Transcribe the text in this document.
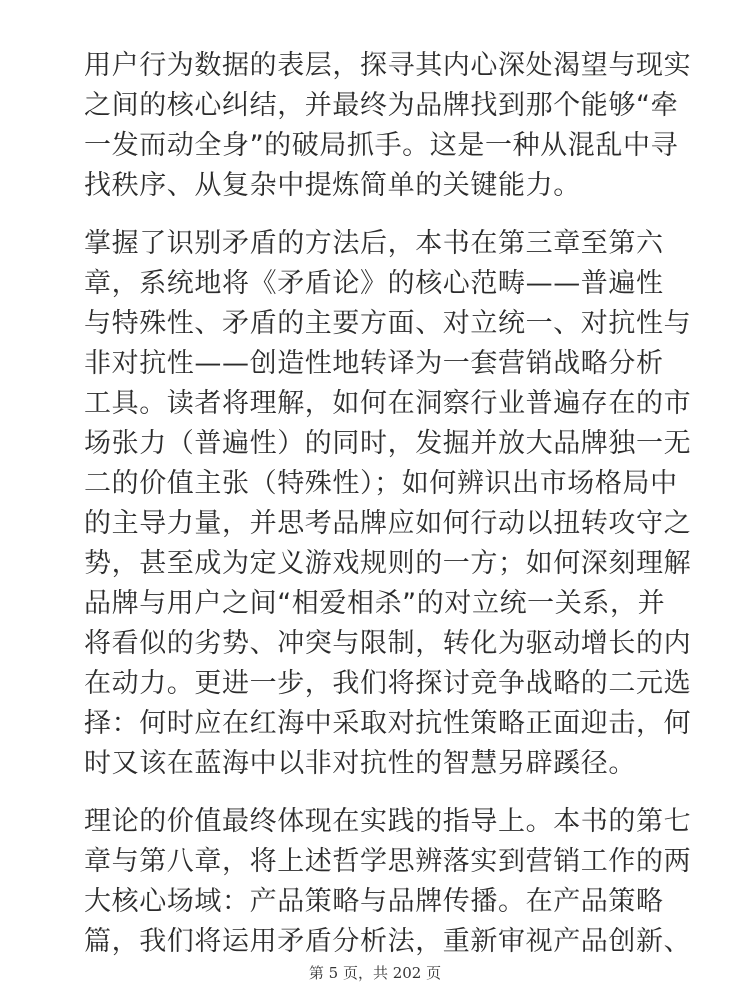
用户行为数据的表层，探寻其内心深处渴望与现实
之间的核心纠结，并最终为品牌找到那个能够“牵
一发而动全身”的破局抓手。这是一种从混乱中寻
找秩序、从复杂中提炼简单的关键能力。
掌握了识别矛盾的方法后，本书在第三章至第六
章，系统地将《矛盾论》的核心范畴——普遍性
与特殊性、矛盾的主要方面、对立统一、对抗性与
非对抗性——创造性地转译为一套营销战略分析
工具。读者将理解，如何在洞察行业普遍存在的市
场张力（普遍性）的同时，发掘并放大品牌独一无
二的价值主张（特殊性）；如何辨识出市场格局中
的主导力量，并思考品牌应如何行动以扭转攻守之
势，甚至成为定义游戏规则的一方；如何深刻理解
品牌与用户之间“相爱相杀”的对立统一关系，并
将看似的劣势、冲突与限制，转化为驱动增长的内
在动力。更进一步，我们将探讨竞争战略的二元选
择：何时应在红海中采取对抗性策略正面迎击，何
时又该在蓝海中以非对抗性的智慧另辟蹊径。
理论的价值最终体现在实践的指导上。本书的第七
章与第八章，将上述哲学思辨落实到营销工作的两
大核心场域：产品策略与品牌传播。在产品策略
篇，我们将运用矛盾分析法，重新审视产品创新、
第 5 页，共 202 页
